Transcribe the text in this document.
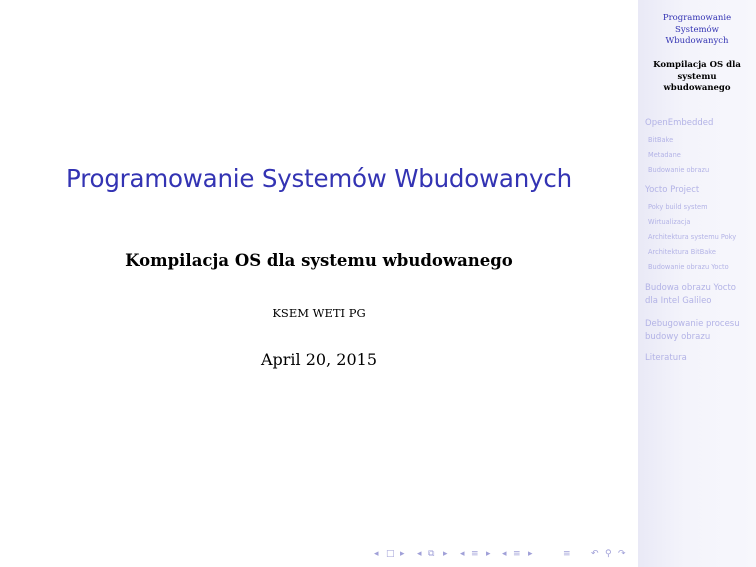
Programowanie Systemów Wbudowanych
Kompilacja OS dla systemu wbudowanego
KSEM WETI PG
April 20, 2015
◂ □ ▸ ◂ ⧉ ▸ ◂ ≡ ▸ ◂ ≡ ▸	≡ ↶ ⚲ ↷
Programowanie
Systemów
Wbudowanych
Kompilacja OS dla
systemu
wbudowanego
OpenEmbedded
BitBake
Metadane
Budowanie obrazu
Yocto Project
Poky build system
Wirtualizacja
Architektura systemu Poky
Architektura BitBake
Budowanie obrazu Yocto
Budowa obrazu Yocto
dla Intel Galileo
Debugowanie procesu
budowy obrazu
Literatura
